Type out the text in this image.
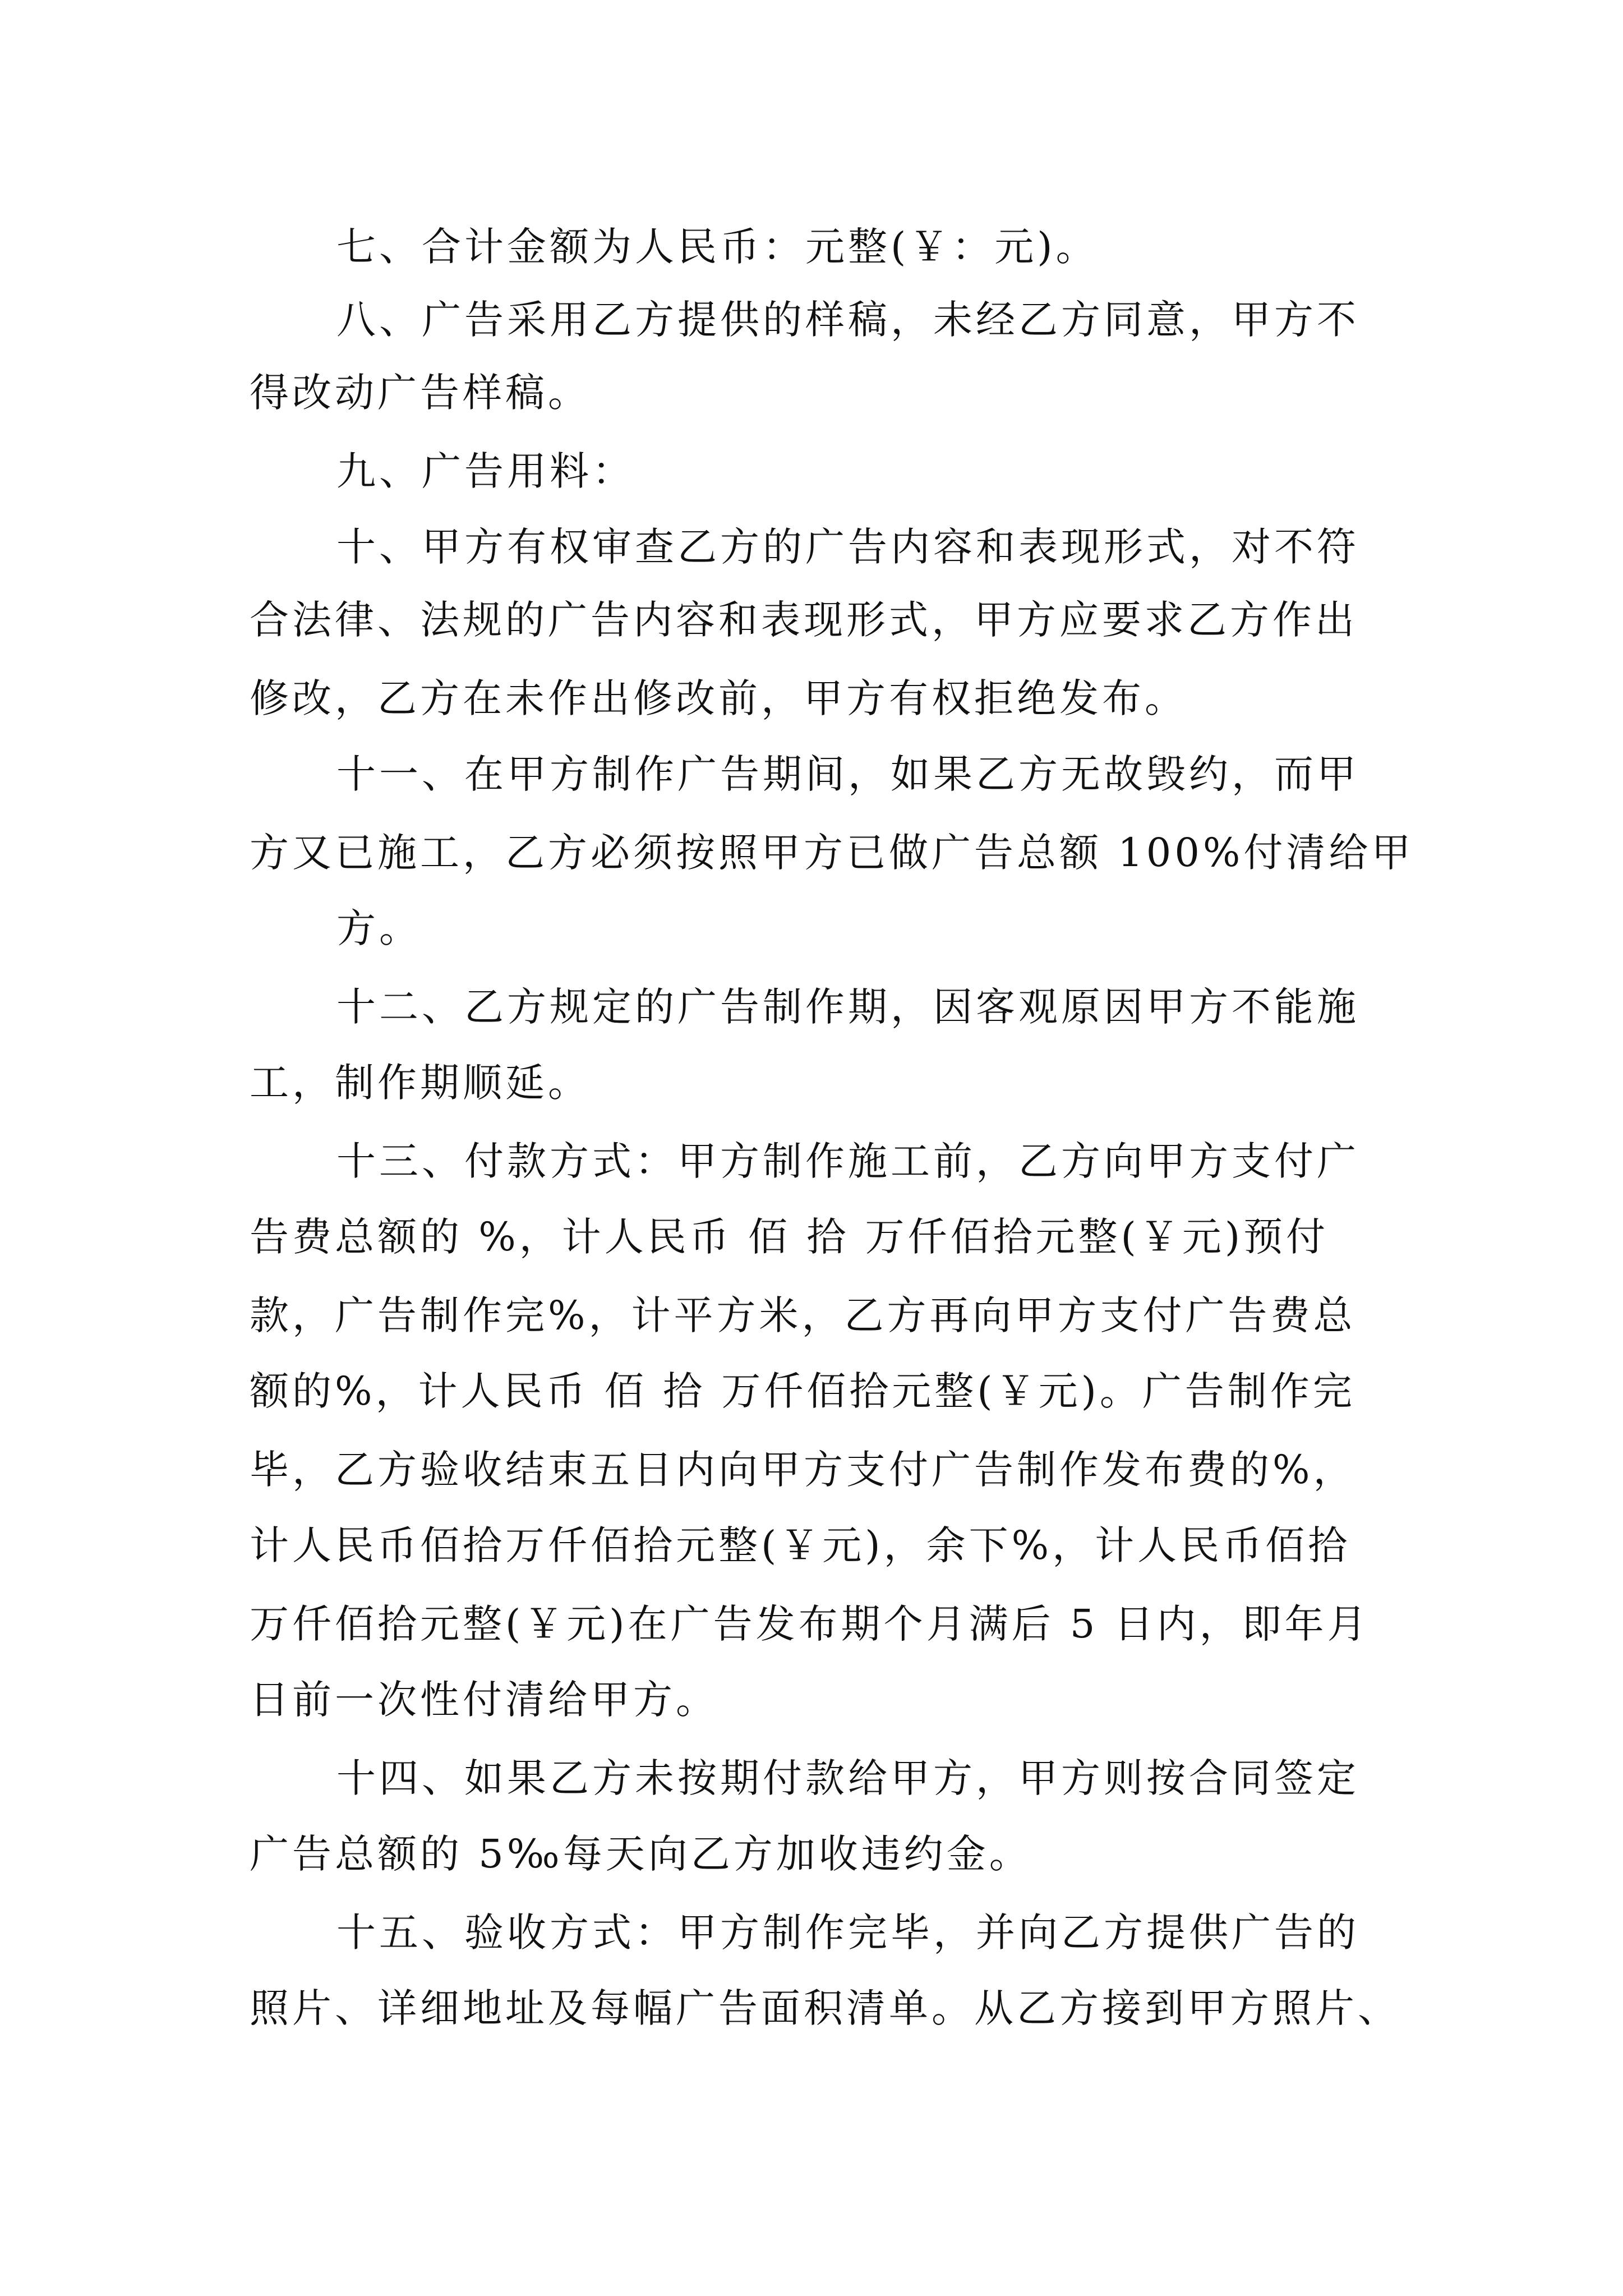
七、合计金额为人民币：元整(￥：元)。
八、广告采用乙方提供的样稿，未经乙方同意，甲方不
得改动广告样稿。
九、广告用料：
十、甲方有权审查乙方的广告内容和表现形式，对不符
合法律、法规的广告内容和表现形式，甲方应要求乙方作出
修改，乙方在未作出修改前，甲方有权拒绝发布。
十一、在甲方制作广告期间，如果乙方无故毁约，而甲
方又已施工，乙方必须按照甲方已做广告总额 100%付清给甲
方。
十二、乙方规定的广告制作期，因客观原因甲方不能施
工，制作期顺延。
十三、付款方式：甲方制作施工前，乙方向甲方支付广
告费总额的 %，计人民币 佰 拾 万仟佰拾元整(￥元)预付
款，广告制作完%，计平方米，乙方再向甲方支付广告费总
额的%，计人民币 佰 拾 万仟佰拾元整(￥元)。广告制作完
毕，乙方验收结束五日内向甲方支付广告制作发布费的%，
计人民币佰拾万仟佰拾元整(￥元)，余下%，计人民币佰拾
万仟佰拾元整(￥元)在广告发布期个月满后 5 日内，即年月
日前一次性付清给甲方。
十四、如果乙方未按期付款给甲方，甲方则按合同签定
广告总额的 5‰每天向乙方加收违约金。
十五、验收方式：甲方制作完毕，并向乙方提供广告的
照片、详细地址及每幅广告面积清单。从乙方接到甲方照片、
